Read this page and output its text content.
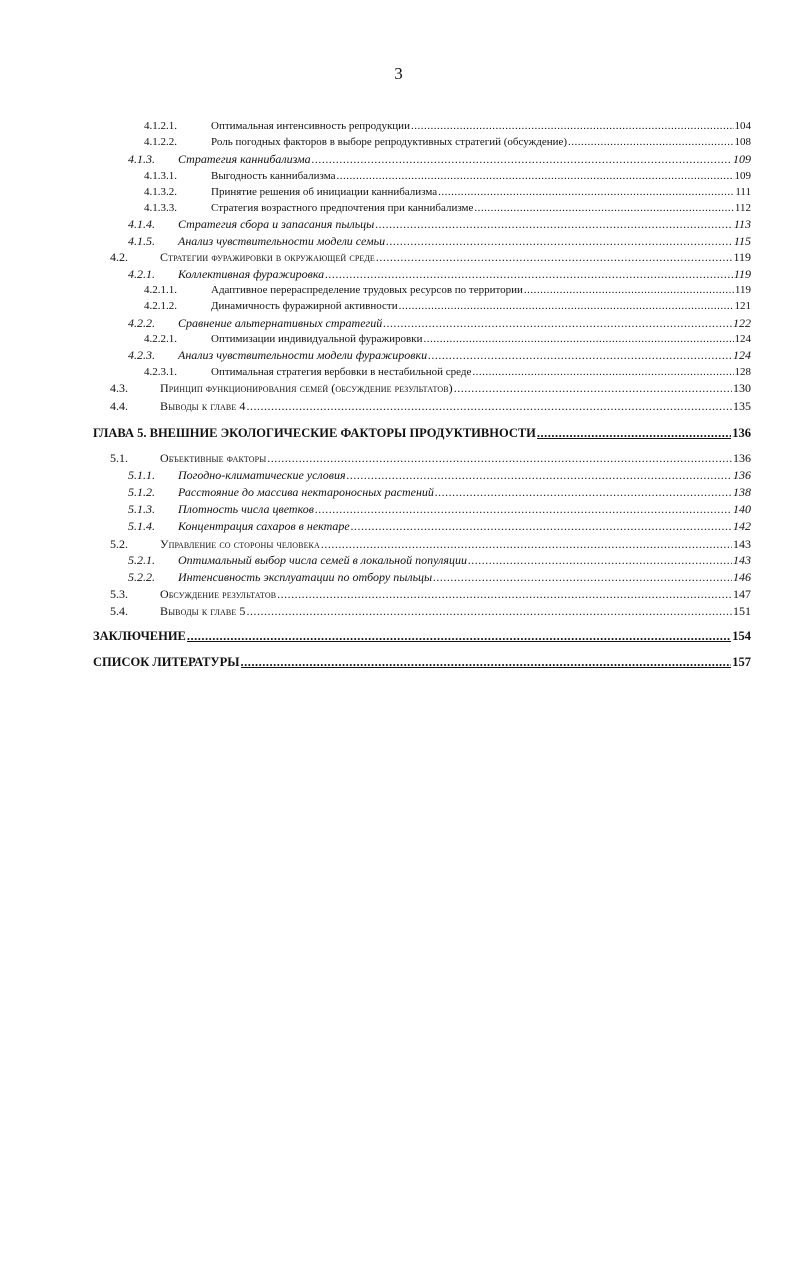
3
4.1.2.1.	Оптимальная интенсивность репродукции .....	104
4.1.2.2.	Роль погодных факторов в выборе репродуктивных стратегий (обсуждение) .....	108
4.1.3. Стратегия каннибализма .....	109
4.1.3.1.	Выгодность каннибализма .....	109
4.1.3.2.	Принятие решения об инициации каннибализма .....	111
4.1.3.3.	Стратегия возрастного предпочтения при каннибализме .....	112
4.1.4. Стратегия сбора и запасания пыльцы .....	113
4.1.5. Анализ чувствительности модели семьи .....	115
4.2.	Стратегии фуражировки в окружающей среде .....	119
4.2.1. Коллективная фуражировка .....	119
4.2.1.1.	Адаптивное перераспределение трудовых ресурсов по территории .....	119
4.2.1.2.	Динамичность фуражирной активности .....	121
4.2.2. Сравнение альтернативных стратегий .....	122
4.2.2.1.	Оптимизации индивидуальной фуражировки .....	124
4.2.3. Анализ чувствительности модели фуражировки .....	124
4.2.3.1.	Оптимальная стратегия вербовки в нестабильной среде .....	128
4.3.	Принцип функционирования семей (обсуждение результатов) .....	130
4.4.	Выводы к главе 4 .....	135
ГЛАВА 5. ВНЕШНИЕ ЭКОЛОГИЧЕСКИЕ ФАКТОРЫ ПРОДУКТИВНОСТИ .....	136
5.1.	Объективные факторы .....	136
5.1.1. Погодно-климатические условия .....	136
5.1.2. Расстояние до массива нектароносных растений .....	138
5.1.3. Плотность числа цветков .....	140
5.1.4. Концентрация сахаров в нектаре .....	142
5.2.	Управление со стороны человека .....	143
5.2.1. Оптимальный выбор числа семей в локальной популяции .....	143
5.2.2. Интенсивность эксплуатации по отбору пыльцы .....	146
5.3.	Обсуждение результатов .....	147
5.4.	Выводы к главе 5 .....	151
ЗАКЛЮЧЕНИЕ .....	154
СПИСОК ЛИТЕРАТУРЫ .....	157
